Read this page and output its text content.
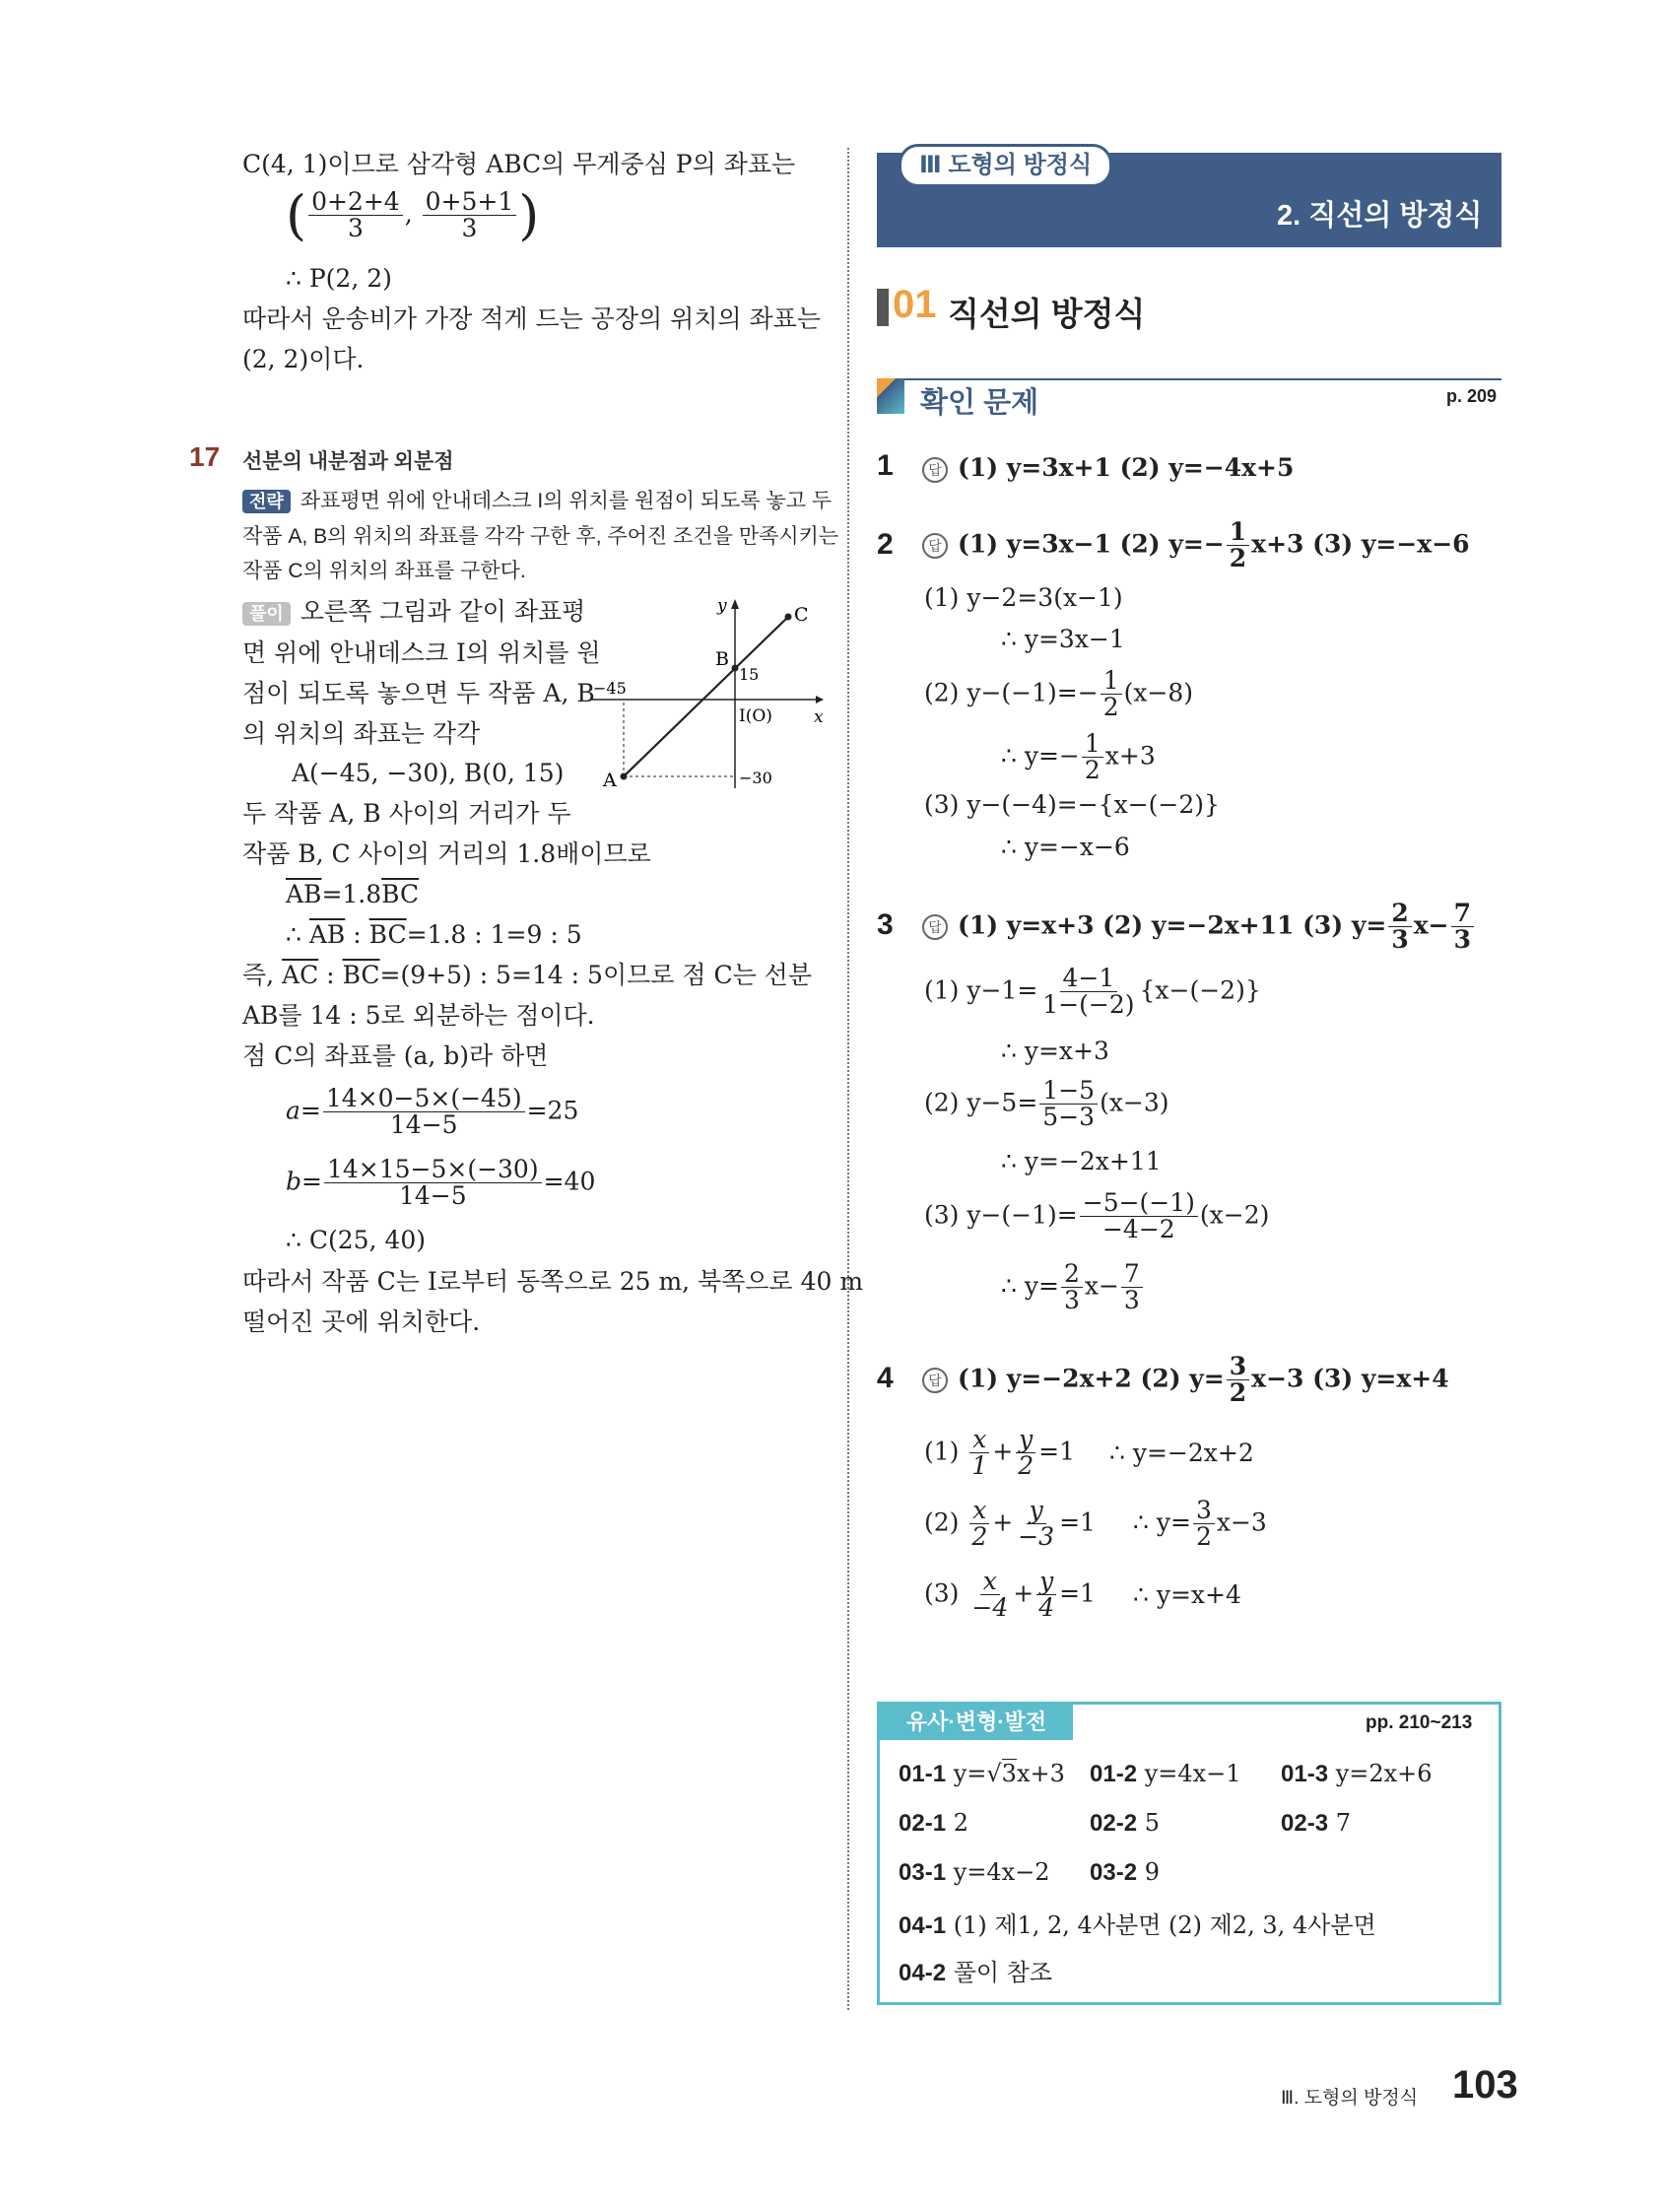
C(4, 1)이므로 삼각형 ABC의 무게중심 P의 좌표는
( $\frac{0+2+4}{3}$ , $\frac{0+5+1}{3}$ )
∴ P(2, 2)
따라서 운송비가 가장 적게 드는 공장의 위치의 좌표는
(2, 2)이다.
17 선분의 내분점과 외분점
전략 좌표평면 위에 안내데스크 I의 위치를 원점이 되도록 놓고 두
작품 A, B의 위치의 좌표를 각각 구한 후, 주어진 조건을 만족시키는
작품 C의 위치의 좌표를 구한다.
풀이 오른쪽 그림과 같이 좌표평
면 위에 안내데스크 I의 위치를 원
점이 되도록 놓으면 두 작품 A, B
의 위치의 좌표는 각각
A(−45, −30), B(0, 15)
두 작품 A, B 사이의 거리가 두
작품 B, C 사이의 거리의 1.8배이므로
$\overline{AB}=1.8\overline{BC}$
∴ $\overline{AB}$ : $\overline{BC}=1.8$ : 1=9 : 5
즉, $\overline{AC}$ : $\overline{BC}=(9+5)$ : 5=14 : 5이므로 점 C는 선분
AB를 14 : 5로 외분하는 점이다.
점 C의 좌표를 (a, b)라 하면
$a= \frac{14\times 0-5\times(-45)}{14-5} =25$
$b= \frac{14\times 15-5\times(-30)}{14-5} =40$
∴ C(25, 40)
따라서 작품 C는 I로부터 동쪽으로 25 m, 북쪽으로 40 m
떨어진 곳에 위치한다.
y
x
C
B
A
15
−45
I(O)
−30
Ⅲ 도형의 방정식
2. 직선의 방정식
01 직선의 방정식
확인 문제	p. 209
1	답 (1) y=3x+1 (2) y=−4x+5
2	답 (1) y=3x−1 (2) $y=- \frac{1}{2} x+3$ (3) y=−x−6
(1) y−2=3(x−1)
∴ y=3x−1
(2) $y-(-1)=- \frac{1}{2} (x-8)$
∴ $y=- \frac{1}{2} x+3$
(3) y−(−4)=−{x−(−2)}
∴ y=−x−6
3	답 (1) y=x+3 (2) y=−2x+11 (3) $y= \frac{2}{3} x- \frac{7}{3}$
(1) $y-1= \frac{4-1}{1-(-2)} \{x-(-2)\}$
∴ y=x+3
(2) $y-5= \frac{1-5}{5-3} (x-3)$
∴ y=−2x+11
(3) $y-(-1)= \frac{-5-(-1)}{-4-2} (x-2)$
∴ $y= \frac{2}{3} x- \frac{7}{3}$
4	답 (1) y=−2x+2 (2) $y= \frac{3}{2} x-3$ (3) y=x+4
$(1) \frac{x}{1} + \frac{y}{2} =1$ ∴ y=−2x+2
$(2) \frac{x}{2} + \frac{y}{-3} =1$ ∴ $y= \frac{3}{2} x-3$
$(3) \frac{x}{-4} + \frac{y}{4} =1$ ∴ y=x+4
유사·변형·발전	pp. 210~213
01-1 y=√3x+3 01-2 y=4x−1 01-3 y=2x+6
02-1 2	02-2 5	02-3 7
03-1 y=4x−2 03-2 9
04-1 (1) 제1, 2, 4사분면 (2) 제2, 3, 4사분면
04-2 풀이 참조
Ⅲ. 도형의 방정식 103
